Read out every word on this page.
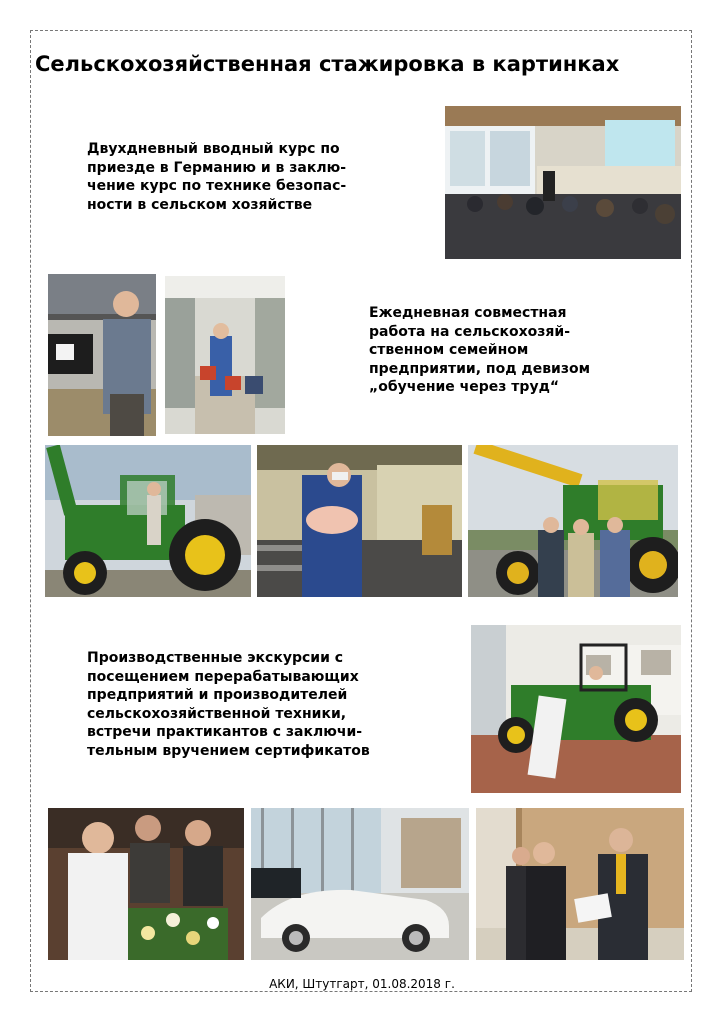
Сельскохозяйственная стажировка в картинках
Двухдневный вводный курс по
приезде в Германию и в заклю-
чение курс по технике безопас-
ности в сельском хозяйстве
Ежедневная совместная
работа на сельскохозяй-
ственном семейном
предприятии, под девизом
„обучение через труд“
Производственные экскурсии с
посещением перерабатывающих
предприятий и производителей
сельскохозяйственной техники,
встречи практикантов с заключи-
тельным вручением сертификатов
АКИ, Штутгарт, 01.08.2018 г.
